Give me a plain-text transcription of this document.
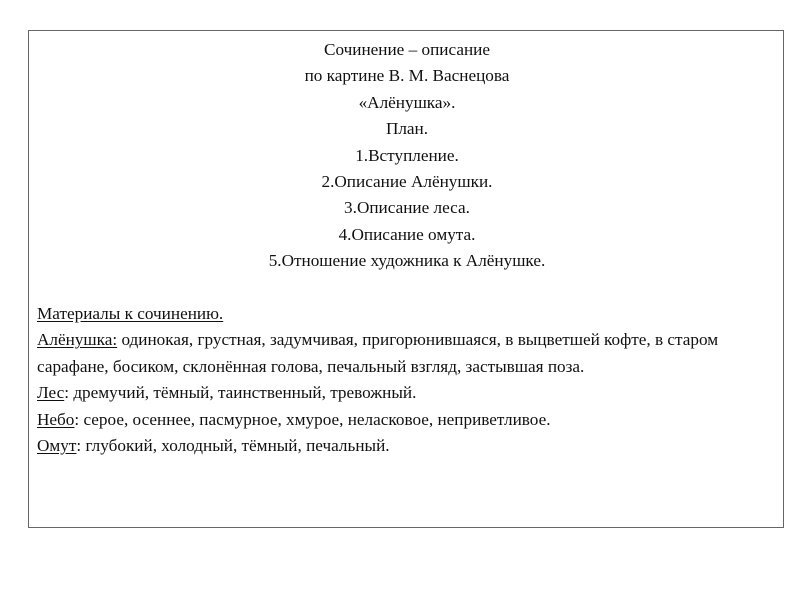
Сочинение – описание
по картине В. М. Васнецова
«Алёнушка».
План.
1.Вступление.
2.Описание Алёнушки.
3.Описание леса.
4.Описание омута.
5.Отношение художника к Алёнушке.
Материалы к сочинению.
Алёнушка: одинокая, грустная, задумчивая, пригорюнившаяся, в выцветшей кофте, в старом сарафане, босиком, склонённая голова, печальный взгляд, застывшая поза.
Лес: дремучий, тёмный, таинственный, тревожный.
Небо: серое, осеннее, пасмурное, хмурое, неласковое, неприветливое.
Омут: глубокий, холодный, тёмный, печальный.
